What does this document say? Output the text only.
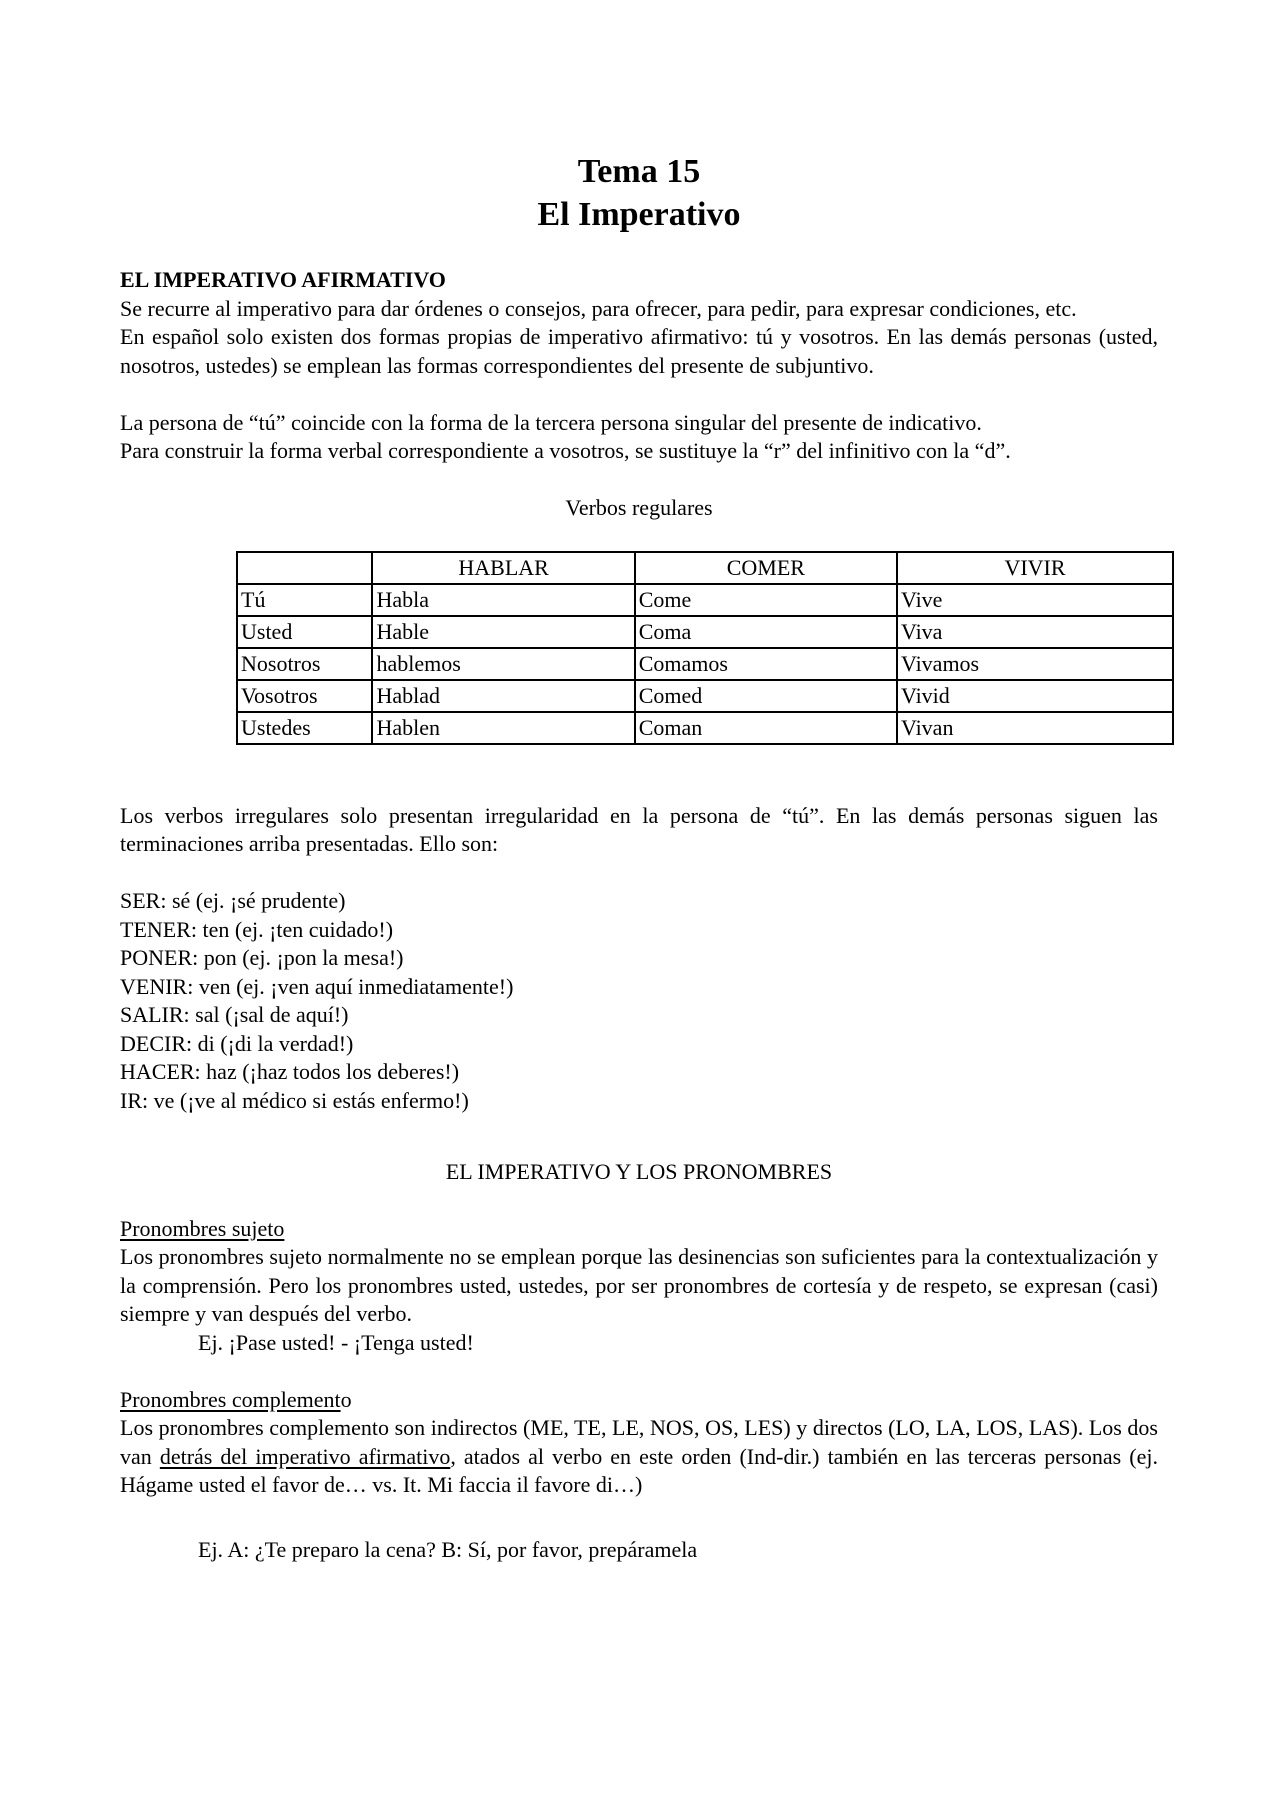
Tema 15
El Imperativo

EL IMPERATIVO AFIRMATIVO

Se recurre al imperativo para dar órdenes o consejos, para ofrecer, para pedir, para expresar condiciones, etc.

En español solo existen dos formas propias de imperativo afirmativo: tú y vosotros. En las demás personas (usted, nosotros, ustedes) se emplean las formas correspondientes del presente de subjuntivo.

La persona de “tú” coincide con la forma de la tercera persona singular del presente de indicativo.

Para construir la forma verbal correspondiente a vosotros, se sustituye la “r” del infinitivo con la “d”.

Verbos regulares

	HABLAR	COMER	VIVIR
Tú	Habla	Come	Vive
Usted	Hable	Coma	Viva
Nosotros	hablemos	Comamos	Vivamos
Vosotros	Hablad	Comed	Vivid
Ustedes	Hablen	Coman	Vivan

Los verbos irregulares solo presentan irregularidad en la persona de “tú”. En las demás personas siguen las terminaciones arriba presentadas. Ello son:

SER: sé (ej. ¡sé prudente)

TENER: ten (ej. ¡ten cuidado!)

PONER: pon (ej. ¡pon la mesa!)

VENIR: ven (ej. ¡ven aquí inmediatamente!)

SALIR: sal (¡sal de aquí!)

DECIR: di (¡di la verdad!)

HACER: haz (¡haz todos los deberes!)

IR: ve (¡ve al médico si estás enfermo!)

EL IMPERATIVO Y LOS PRONOMBRES

Pronombres sujeto

Los pronombres sujeto normalmente no se emplean porque las desinencias son suficientes para la contextualización y la comprensión. Pero los pronombres usted, ustedes, por ser pronombres de cortesía y de respeto, se expresan (casi) siempre y van después del verbo.

Ej. ¡Pase usted! - ¡Tenga usted!

Pronombres complemento

Los pronombres complemento son indirectos (ME, TE, LE, NOS, OS, LES) y directos (LO, LA, LOS, LAS). Los dos van detrás del imperativo afirmativo, atados al verbo en este orden (Ind-dir.) también en las terceras personas (ej. Hágame usted el favor de… vs. It. Mi faccia il favore di…)

Ej. A: ¿Te preparo la cena? B: Sí, por favor, prepáramela
